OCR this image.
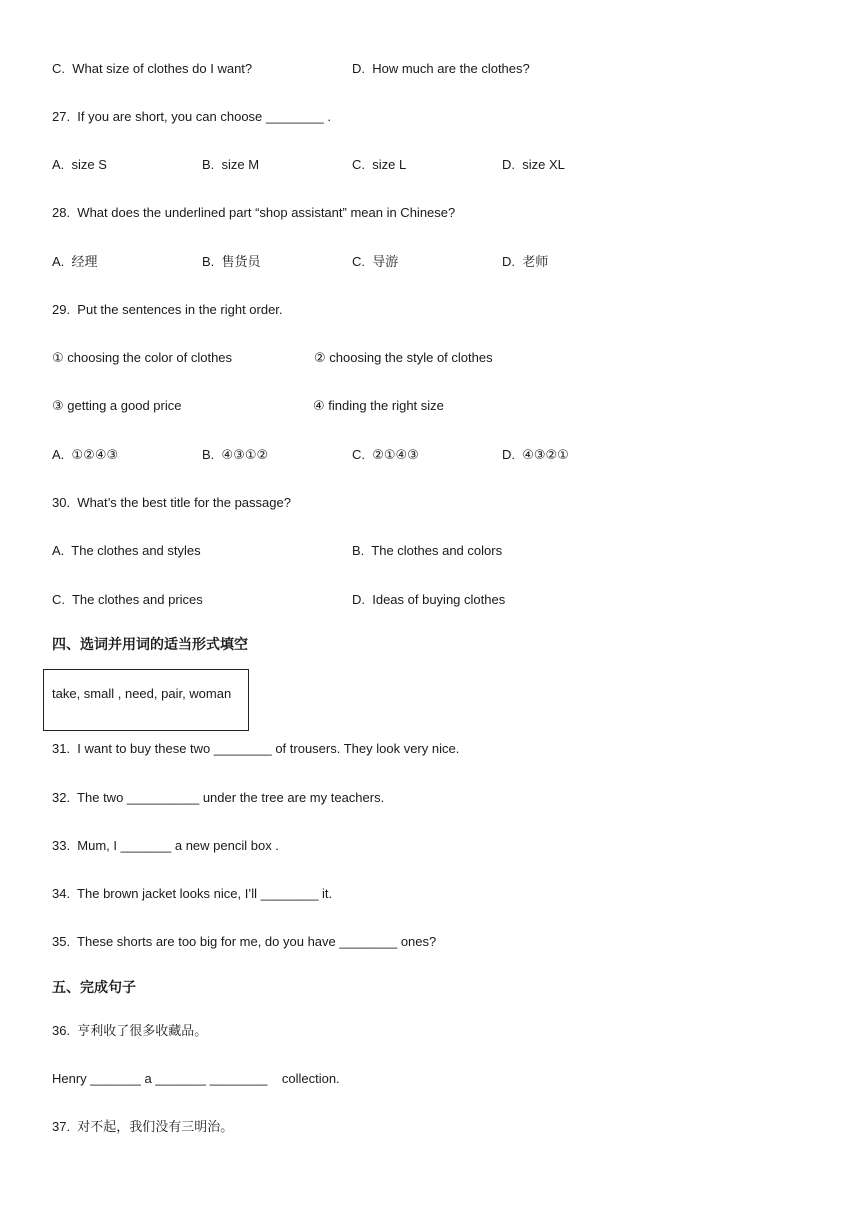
C.  What size of clothes do I want?	D.  How much are the clothes?
27.  If you are short, you can choose ________ .
A.  size S	B.  size M	C.  size L	D.  size XL
28.  What does the underlined part “shop assistant” mean in Chinese?
A.  经理	B.  售货员	C.  导游	D.  老师
29.  Put the sentences in the right order.
① choosing the color of clothes	② choosing the style of clothes
③ getting a good price	④ finding the right size
A.  ①②④③	B.  ④③①②	C.  ②①④③	D.  ④③②①
30.  What’s the best title for the passage?
A.  The clothes and styles	B.  The clothes and colors
C.  The clothes and prices	D.  Ideas of buying clothes
四、选词并用词的适当形式填空
take, small , need, pair, woman
31.  I want to buy these two ________ of trousers. They look very nice.
32.  The two __________ under the tree are my teachers.
33.  Mum, I _______ a new pencil box .
34.  The brown jacket looks nice, I’ll ________ it.
35.  These shorts are too big for me, do you have ________ ones?
五、完成句子
36.  亨利收了很多收藏品。
Henry _______ a _______ ________    collection.
37.  对不起，我们没有三明治。
